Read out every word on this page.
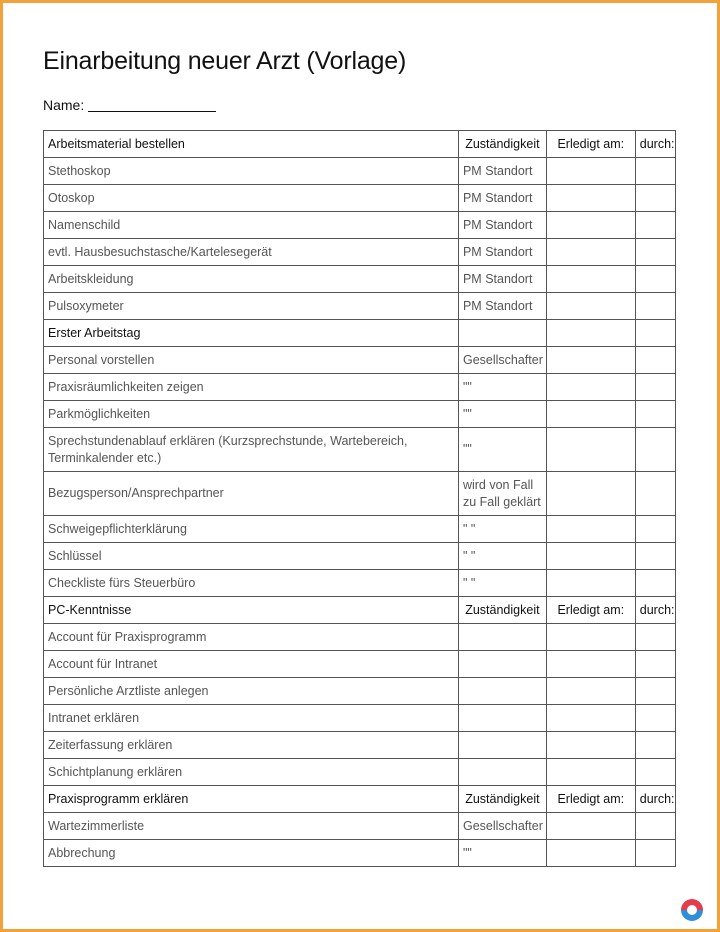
Einarbeitung neuer Arzt (Vorlage)
Name:
Arbeitsmaterial bestellen	Zuständigkeit	Erledigt am:	durch:
Stethoskop	PM Standort		
Otoskop	PM Standort		
Namenschild	PM Standort		
evtl. Hausbesuchstasche/Kartelesegerät	PM Standort		
Arbeitskleidung	PM Standort		
Pulsoxymeter	PM Standort		
Erster Arbeitstag			
Personal vorstellen	Gesellschafter		
Praxisräumlichkeiten zeigen	""		
Parkmöglichkeiten	""		
Sprechstundenablauf erklären (Kurzsprechstunde, Wartebereich, Terminkalender etc.)	""		
Bezugsperson/Ansprechpartner	wird von Fall zu Fall geklärt		
Schweigepflichterklärung	" "		
Schlüssel	" "		
Checkliste fürs Steuerbüro	" "		
PC-Kenntnisse	Zuständigkeit	Erledigt am:	durch:
Account für Praxisprogramm			
Account für Intranet			
Persönliche Arztliste anlegen			
Intranet erklären			
Zeiterfassung erklären			
Schichtplanung erklären			
Praxisprogramm erklären	Zuständigkeit	Erledigt am:	durch:
Wartezimmerliste	Gesellschafter		
Abbrechung	""		
